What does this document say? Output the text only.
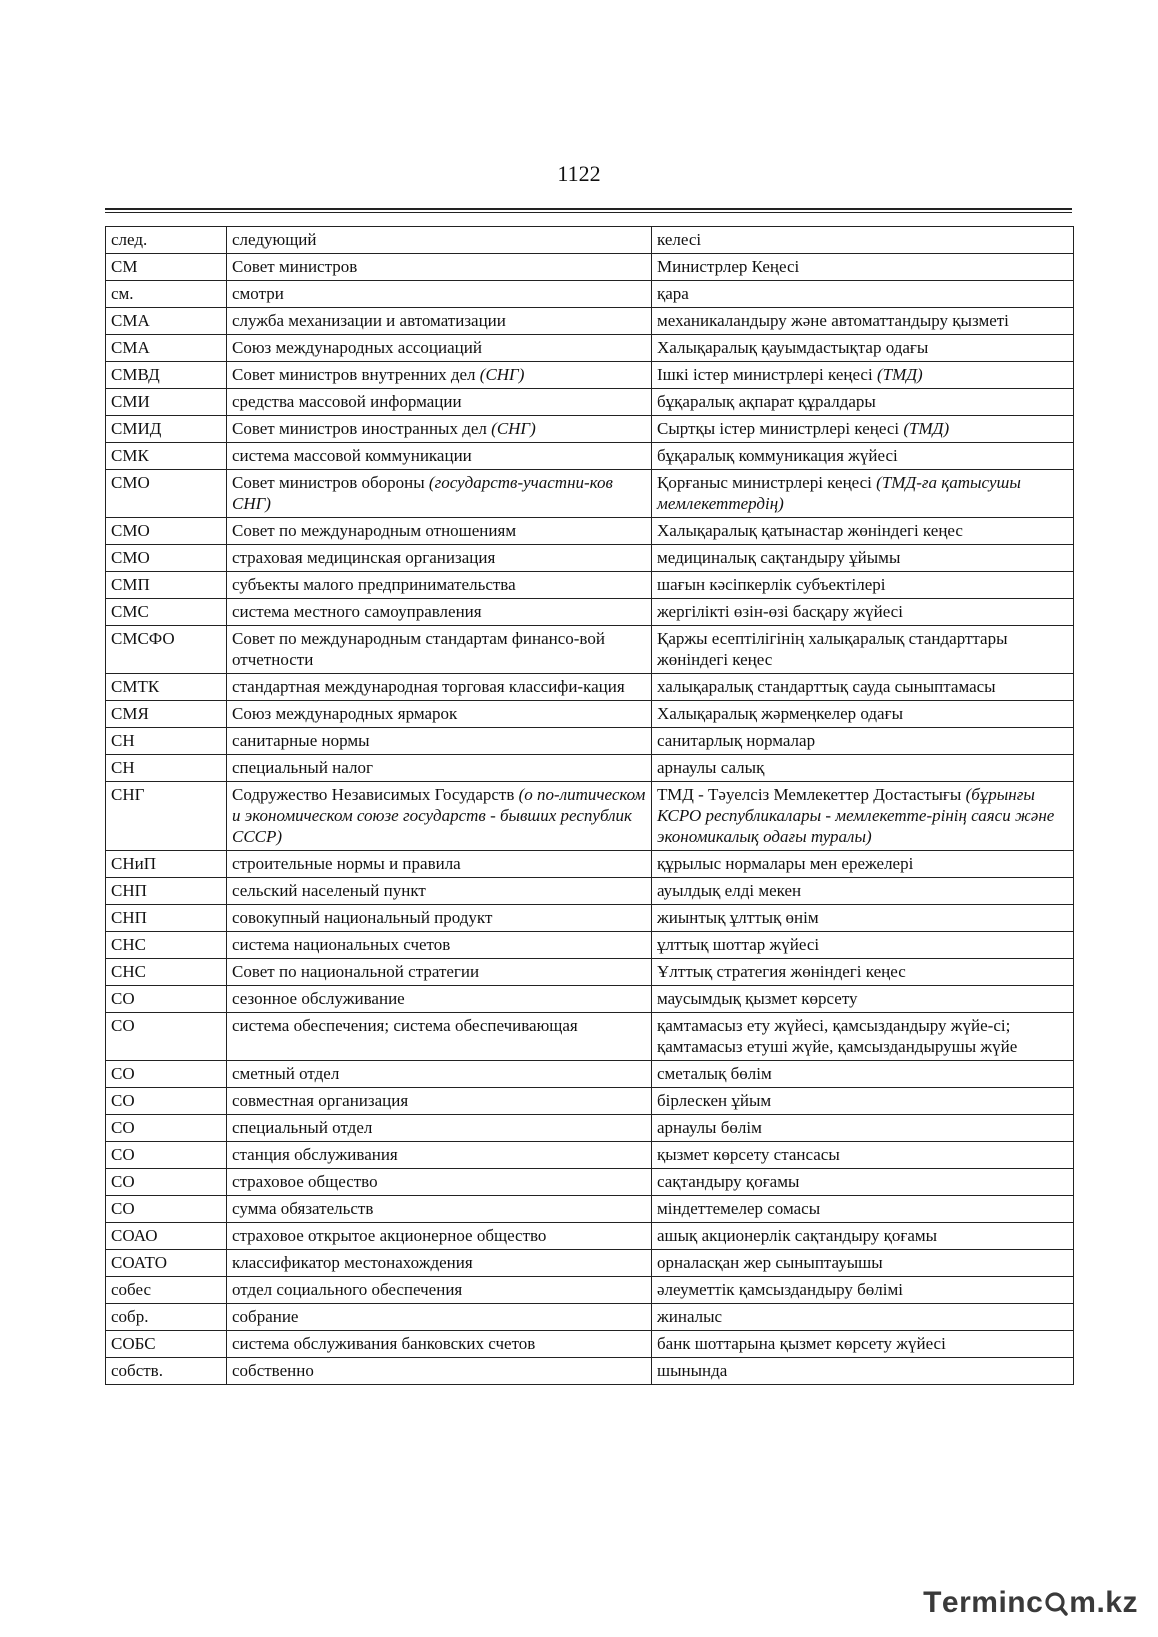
1122
след.	следующий	келесі
СМ	Совет министров	Министрлер Кеңесі
см.	смотри	қара
СМА	служба механизации и автоматизации	механикаландыру және автоматтандыру қызметі
СМА	Союз международных ассоциаций	Халықаралық қауымдастықтар одағы
СМВД	Совет министров внутренних дел (СНГ)	Ішкі істер министрлері кеңесі (ТМД)
СМИ	средства массовой информации	бұқаралық ақпарат құралдары
СМИД	Совет министров иностранных дел (СНГ)	Сыртқы істер министрлері кеңесі (ТМД)
СМК	система массовой коммуникации	бұқаралық коммуникация жүйесі
СМО	Совет министров обороны (государств-участни-ков СНГ)	Қорғаныс министрлері кеңесі (ТМД-ға қатысушы мемлекеттердің)
СМО	Совет по международным отношениям	Халықаралық қатынастар жөніндегі кеңес
СМО	страховая медицинская организация	медициналық сақтандыру ұйымы
СМП	субъекты малого предпринимательства	шағын кәсіпкерлік субъектілері
СМС	система местного самоуправления	жергілікті өзін-өзі басқару жүйесі
СМСФО	Совет по международным стандартам финансо-вой отчетности	Қаржы есептілігінің халықаралық стандарттары жөніндегі кеңес
СМТК	стандартная международная торговая классифи-кация	халықаралық стандарттық сауда сыныптамасы
СМЯ	Союз международных ярмарок	Халықаралық жәрмеңкелер одағы
СН	санитарные нормы	санитарлық нормалар
СН	специальный налог	арнаулы салық
СНГ	Содружество Независимых Государств (о по-литическом и экономическом союзе государств - бывших республик СССР)	ТМД - Тәуелсіз Мемлекеттер Достастығы (бұрынғы КСРО республикалары - мемлекетте-рінің саяси және экономикалық одағы туралы)
СНиП	строительные нормы и правила	құрылыс нормалары мен ережелері
СНП	сельский населеный пункт	ауылдық елді мекен
СНП	совокупный национальный продукт	жиынтық ұлттық өнім
СНС	система национальных счетов	ұлттық шоттар жүйесі
СНС	Совет по национальной стратегии	Ұлттық стратегия жөніндегі кеңес
СО	сезонное обслуживание	маусымдық қызмет көрсету
СО	система обеспечения; система обеспечивающая	қамтамасыз ету жүйесі, қамсыздандыру жүйе-сі; қамтамасыз етуші жүйе, қамсыздандырушы жүйе
СО	сметный отдел	сметалық бөлім
СО	совместная организация	бірлескен ұйым
СО	специальный отдел	арнаулы бөлім
СО	станция обслуживания	қызмет көрсету стансасы
СО	страховое общество	сақтандыру қоғамы
СО	сумма обязательств	міндеттемелер сомасы
СОАО	страховое открытое акционерное общество	ашық акционерлік сақтандыру қоғамы
СОАТО	классификатор местонахождения	орналасқан жер сыныптауышы
собес	отдел социального обеспечения	әлеуметтік қамсыздандыру бөлімі
собр.	собрание	жиналыс
СОБС	система обслуживания банковских счетов	банк шоттарына қызмет көрсету жүйесі
собств.	собственно	шынында
T erminc m.kz
